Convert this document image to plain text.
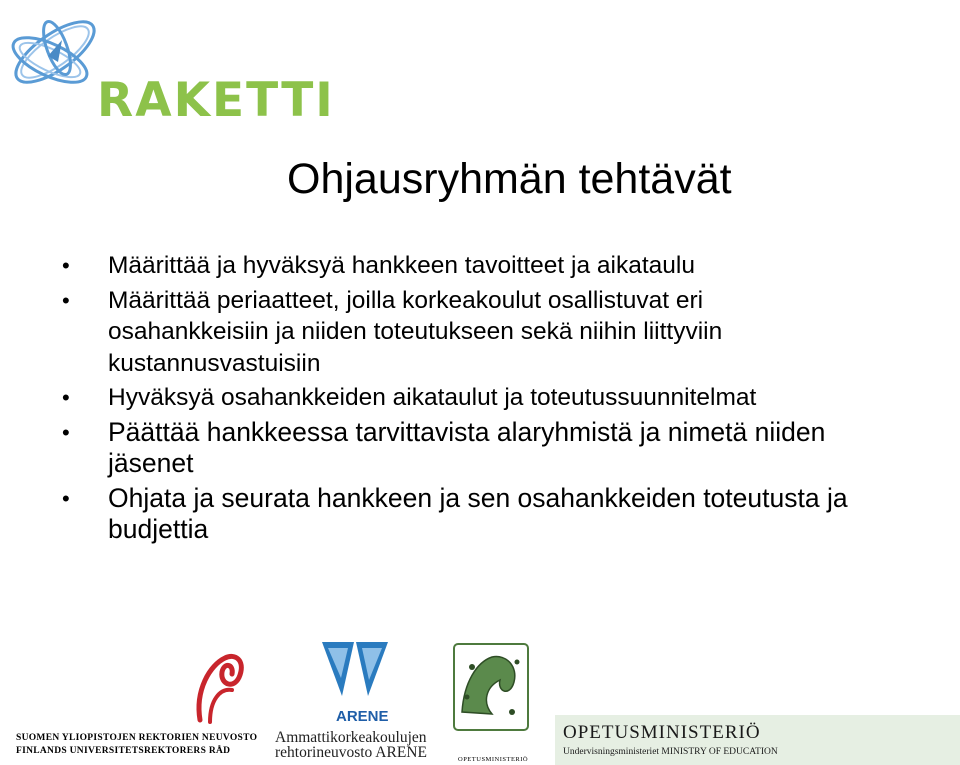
RAKETTI
Ohjausryhmän tehtävät
• Määrittää ja hyväksyä hankkeen tavoitteet ja aikataulu
• Määrittää periaatteet, joilla korkeakoulut osallistuvat eri
osahankkeisiin ja niiden toteutukseen sekä niihin liittyviin
kustannusvastuisiin
• Hyväksyä osahankkeiden aikataulut ja toteutussuunnitelmat
• Päättää hankkeessa tarvittavista alaryhmistä ja nimetä niiden
jäsenet
• Ohjata ja seurata hankkeen ja sen osahankkeiden toteutusta ja
budjettia
SUOMEN YLIOPISTOJEN REKTORIEN NEUVOSTO
FINLANDS UNIVERSITETSREKTORERS RÅD
ARENE
Ammattikorkeakoulujen
rehtorineuvosto ARENE	OPETUSMINISTERIÖ
OPETUSMINISTERIÖ
Undervisningsministeriet MINISTRY OF EDUCATION
